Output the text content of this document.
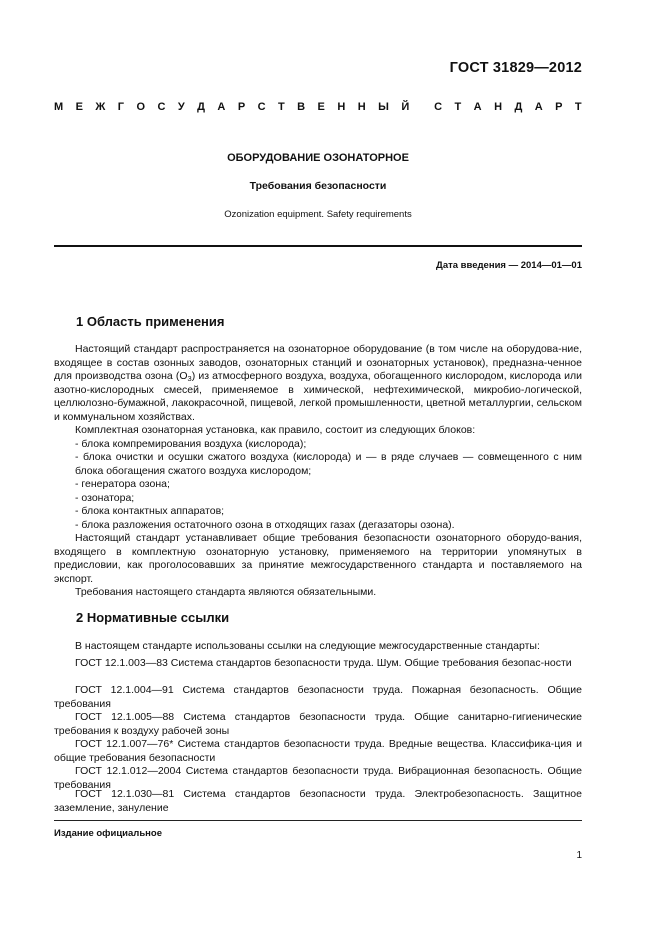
ГОСТ 31829—2012
М Е Ж Г О С У Д А Р С Т В Е Н Н Ы Й С Т А Н Д А Р Т
ОБОРУДОВАНИЕ ОЗОНАТОРНОЕ
Требования безопасности
Ozonization equipment. Safety requirements
Дата введения — 2014—01—01
1 Область применения

Настоящий стандарт распространяется на озонаторное оборудование (в том числе на оборудова-ние, входящее в состав озонных заводов, озонаторных станций и озонаторных установок), предназна-ченное для производства озона $(O_3)$ из атмосферного воздуха, воздуха, обогащенного кислородом, кислорода или азотно-кислородных смесей, применяемое в химической, нефтехимической, микробио-логической, целлюлозно-бумажной, лакокрасочной, пищевой, легкой промышленности, цветной металлургии, сельском и коммунальном хозяйствах.

Комплектная озонаторная установка, как правило, состоит из следующих блоков:

- блока компремирования воздуха (кислорода);

- блока очистки и осушки сжатого воздуха (кислорода) и — в ряде случаев — совмещенного с ним блока обогащения сжатого воздуха кислородом;

- генератора озона;

- озонатора;

- блока контактных аппаратов;

- блока разложения остаточного озона в отходящих газах (дегазаторы озона).

Настоящий стандарт устанавливает общие требования безопасности озонаторного оборудо-вания, входящего в комплектную озонаторную установку, применяемого на территории упомянутых в предисловии, как проголосовавших за принятие межгосударственного стандарта и поставляемого на экспорт.

Требования настоящего стандарта являются обязательными.

2 Нормативные ссылки

В настоящем стандарте использованы ссылки на следующие межгосударственные стандарты:

ГОСТ 12.1.003—83 Система стандартов безопасности труда. Шум. Общие требования безопас-ности

ГОСТ 12.1.004—91 Система стандартов безопасности труда. Пожарная безопасность. Общие требования

ГОСТ 12.1.005—88 Система стандартов безопасности труда. Общие санитарно-гигиенические требования к воздуху рабочей зоны

ГОСТ 12.1.007—76* Система стандартов безопасности труда. Вредные вещества. Классифика-ция и общие требования безопасности

ГОСТ 12.1.012—2004 Система стандартов безопасности труда. Вибрационная безопасность. Общие требования

ГОСТ 12.1.030—81 Система стандартов безопасности труда. Электробезопасность. Защитное заземление, зануление

Издание официальное
1
